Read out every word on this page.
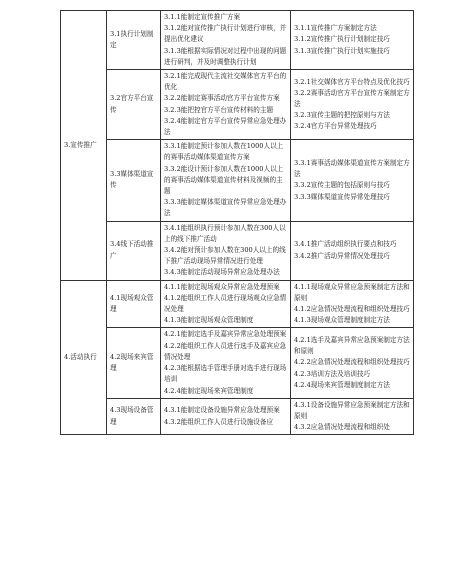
3.宣传推广	3.1执行计划制定	3.1.1能制定宣传推广方案
3.1.2能对宣传推广执行计划进行审核，并提出优化建议
3.1.3能根据实际情况对过程中出现的问题进行研判，并及时调整执行计划	3.1.1宣传推广方案制定方法
3.1.2宣传推广执行计划制定技巧
3.1.3宣传推广执行计划实施技巧

	3.2官方平台宣传	3.2.1能完成现代主流社交媒体官方平台的优化
3.2.2能制定赛事活动官方平台宣传方案
3.2.3能把控官方平台宣传材料的主题
3.2.4能制定官方平台宣传异常应急处理办法	3.2.1社交媒体官方平台特点及优化技巧
3.2.2赛事活动官方平台宣传方案制定方法
3.2.3宣传主题的把控原则与方法
3.2.4官方平台异常处理技巧

	3.3媒体渠道宣传	3.3.1能制定预计参加人数在1000人以上的赛事活动媒体渠道宣传方案
3.3.2能设计预计参加人数在1000人以上的赛事活动媒体渠道宣传材料及视频的主题
3.3.3能制定媒体渠道宣传异常应急处理办法	3.3.1赛事活动媒体渠道宣传方案制定方法
3.3.2宣传主题的包括原则与技巧
3.3.3媒体渠道宣传异常处理技巧

	3.4线下活动推广	3.4.1能组织执行预计参加人数在300人以上的线下推广活动
3.4.2能对预计参加人数在300人以上的线下推广活动现场异常情况进行处理
3.4.3能制定活动现场异常应急处理办法	3.4.1推广活动组织执行要点和技巧
3.4.2推广活动异常情况处理技巧

4.活动执行	4.1现场观众管理	4.1.1能制定现场观众异常应急处理预案
4.1.2能组织工作人员进行现场观众应急情况处理
4.1.3能制定现场观众管理制度	4.1.1现场观众异常应急预案制定方法和原则
4.1.2应急情况处理流程和组织处理技巧
4.1.3现场观众管理制度制定方法

	4.2现场来宾管理	4.2.1能制定选手及嘉宾异常应急处理预案
4.2.2能组织工作人员进行选手及嘉宾应急情况处理
4.2.3能根据选手管理手册对选手进行现场培训
4.2.4能制定现场来宾管理制度	4.2.1选手及嘉宾异常应急预案制定方法和原则
4.2.2应急情况处理流程和组织处理技巧
4.2.3培训方法及培训技巧
4.2.4现场来宾管理制度制定方法

	4.3现场设备管理	4.3.1能制定设备设施异常应急处理预案
4.3.2能组织工作人员进行设施设备应	4.3.1设备设施异常应急预案制定方法和原则
4.3.2应急情况处理流程和组织处
